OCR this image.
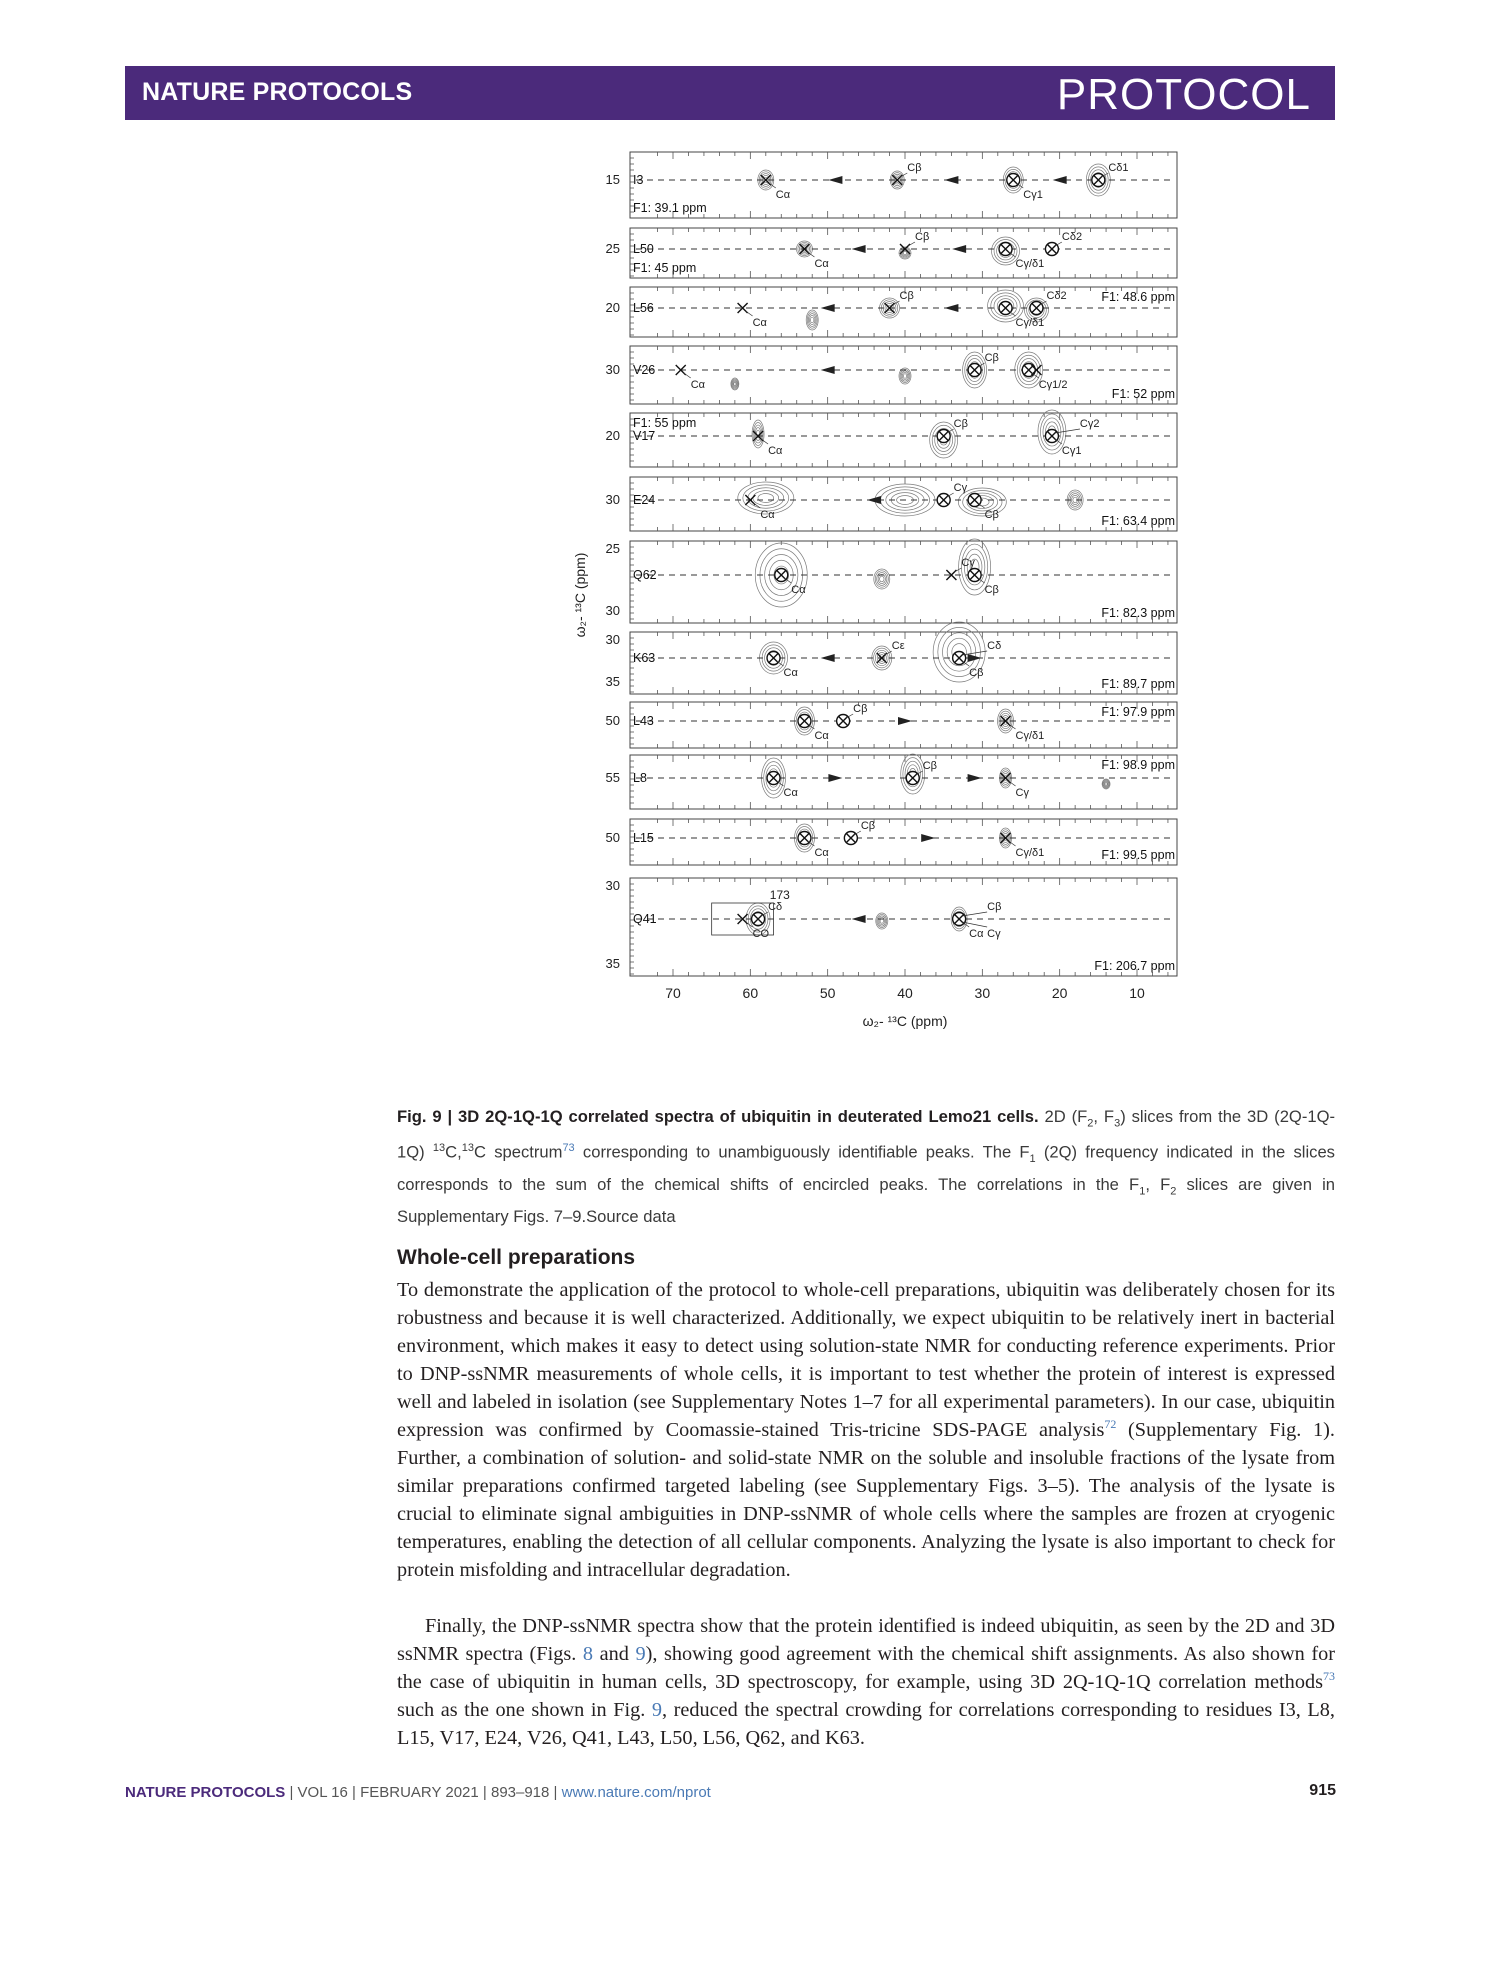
NATURE PROTOCOLS	PROTOCOL
Cα
Cβ
Cγ1
Cδ1
I3
F1: 39.1 ppm
15
Cα
Cβ
Cγ/δ1
Cδ2
L50
F1: 45 ppm
25
Cα
Cβ
Cγ/δ1
Cδ2
L56
F1: 48.6 ppm
20
Cα
Cβ
Cγ1/2
V26
F1: 52 ppm
30
Cα
Cβ
Cγ1
Cγ2
V17
F1: 55 ppm
20
Cα
Cγ
Cβ
E24
F1: 63.4 ppm
30
Cα
Cγ
Cβ
Q62
F1: 82.3 ppm
25
30
Cα
Cε
Cβ
Cδ
K63
F1: 89.7 ppm
30
35
Cα
Cβ
Cγ/δ1
L43
F1: 97.9 ppm
50
Cα
Cβ
Cγ
L8
F1: 98.9 ppm
55
Cα
Cβ
Cγ/δ1
L15
F1: 99.5 ppm
50
CO
Cδ
Cα
Cβ
Cγ
173
Q41
F1: 206.7 ppm
30
35
70	60	50	40	30	20	10
ω₂- ¹³C (ppm)
ω₂- ¹³C (ppm)
Fig. 9 | 3D 2Q-1Q-1Q correlated spectra of ubiquitin in deuterated Lemo21 cells. 2D ($F_2$, $F_3$) slices from the 3D (2Q-1Q-1Q) $^{13}$C,$^{13}$C spectrum$^{73}$ corresponding to unambiguously identifiable peaks. The $F_1$ (2Q) frequency indicated in the slices corresponds to the sum of the chemical shifts of encircled peaks. The correlations in the $F_1$, $F_2$ slices are given in Supplementary Figs. 7–9.Source data
Whole-cell preparations

To demonstrate the application of the protocol to whole-cell preparations, ubiquitin was deliberately chosen for its robustness and because it is well characterized. Additionally, we expect ubiquitin to be relatively inert in bacterial environment, which makes it easy to detect using solution-state NMR for conducting reference experiments. Prior to DNP-ssNMR measurements of whole cells, it is important to test whether the protein of interest is expressed well and labeled in isolation (see Supplementary Notes 1–7 for all experimental parameters). In our case, ubiquitin expression was confirmed by Coomassie-stained Tris-tricine SDS-PAGE analysis$^{72}$ (Supplementary Fig. 1). Further, a combination of solution- and solid-state NMR on the soluble and insoluble fractions of the lysate from similar preparations confirmed targeted labeling (see Supplementary Figs. 3–5). The analysis of the lysate is crucial to eliminate signal ambiguities in DNP-ssNMR of whole cells where the samples are frozen at cryogenic temperatures, enabling the detection of all cellular components. Analyzing the lysate is also important to check for protein misfolding and intracellular degradation.

Finally, the DNP-ssNMR spectra show that the protein identified is indeed ubiquitin, as seen by the 2D and 3D ssNMR spectra (Figs. 8 and 9), showing good agreement with the chemical shift assignments. As also shown for the case of ubiquitin in human cells, 3D spectroscopy, for example, using 3D 2Q-1Q-1Q correlation methods$^{73}$ such as the one shown in Fig. 9, reduced the spectral crowding for correlations corresponding to residues I3, L8, L15, V17, E24, V26, Q41, L43, L50, L56, Q62, and K63.

NATURE PROTOCOLS | VOL 16 | FEBRUARY 2021 | 893–918 | www.nature.com/nprot	915
